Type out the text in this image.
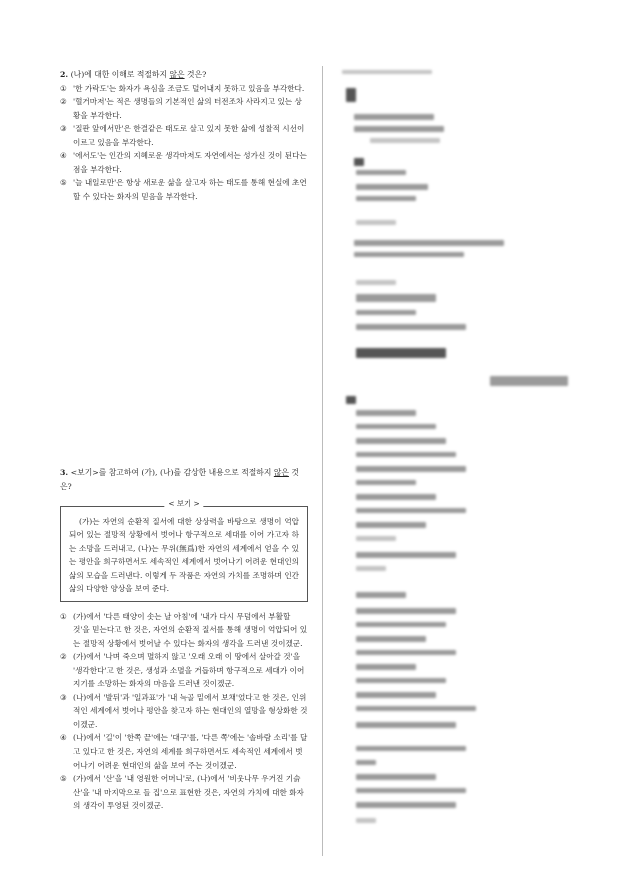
2. (나)에 대한 이해로 적절하지 않은 것은?

① '한 가락도'는 화자가 욕심을 조금도 덜어내지 못하고 있음을 부각한다.
② '혈거마저'는 적은 생명들의 기본적인 삶의 터전조차 사라지고 있는 상황을 부각한다.
③ '질판 앞에서만'은 한결같은 태도로 살고 있지 못한 삶에 성찰적 시선이 이르고 있음을 부각한다.
④ '에서도'는 인간의 지혜로운 생각마저도 자연에서는 성가신 것이 된다는 점을 부각한다.
⑤ '늘 내일로만'은 항상 새로운 삶을 살고자 하는 태도를 통해 현실에 초연할 수 있다는 화자의 믿음을 부각한다.

3. <보기>를 참고하여 (가), (나)를 감상한 내용으로 적절하지 않은 것은?

< 보기 >

(가)는 자연의 순환적 질서에 대한 상상력을 바탕으로 생명이 억압되어 있는 절망적 상황에서 벗어나 항구적으로 세대를 이어 가고자 하는 소망을 드러내고, (나)는 무위(無爲)한 자연의 세계에서 얻을 수 있는 평안을 희구하면서도 세속적인 세계에서 벗어나기 어려운 현대인의 삶의 모습을 드러낸다. 이렇게 두 작품은 자연의 가치를 조명하며 인간 삶의 다양한 양상을 보여 준다.

① (가)에서 '다른 태양이 솟는 날 아침'에 '내가 다시 무덤에서 부활할 것'을 믿는다고 한 것은, 자연의 순환적 질서를 통해 생명이 억압되어 있는 절망적 상황에서 벗어날 수 있다는 화자의 생각을 드러낸 것이겠군.
② (가)에서 '나며 죽으며 멸하지 않고 '오래 오래 이 땅에서 살아갈 것'을 '생각한다'고 한 것은, 생성과 소멸을 거듭하며 항구적으로 세대가 이어지기를 소망하는 화자의 마음을 드러낸 것이겠군.
③ (나)에서 '발뒤'과 '일과표'가 '내 늑골 밑에서 보채'었다고 한 것은, 인위적인 세계에서 벗어나 평안을 찾고자 하는 현대인의 열망을 형상화한 것이겠군.
④ (나)에서 '길'이 '한쪽 끝'에는 '대구'를, '다른 쪽'에는 '솔바람 소리'를 달고 있다고 한 것은, 자연의 세계를 희구하면서도 세속적인 세계에서 벗어나기 어려운 현대인의 삶을 보여 주는 것이겠군.
⑤ (가)에서 '산'을 '내 영원한 어머니'로, (나)에서 '비웃나무 우거진 기슭산'을 '내 마지막으로 들 집'으로 표현한 것은, 자연의 가치에 대한 화자의 생각이 투영된 것이겠군.
